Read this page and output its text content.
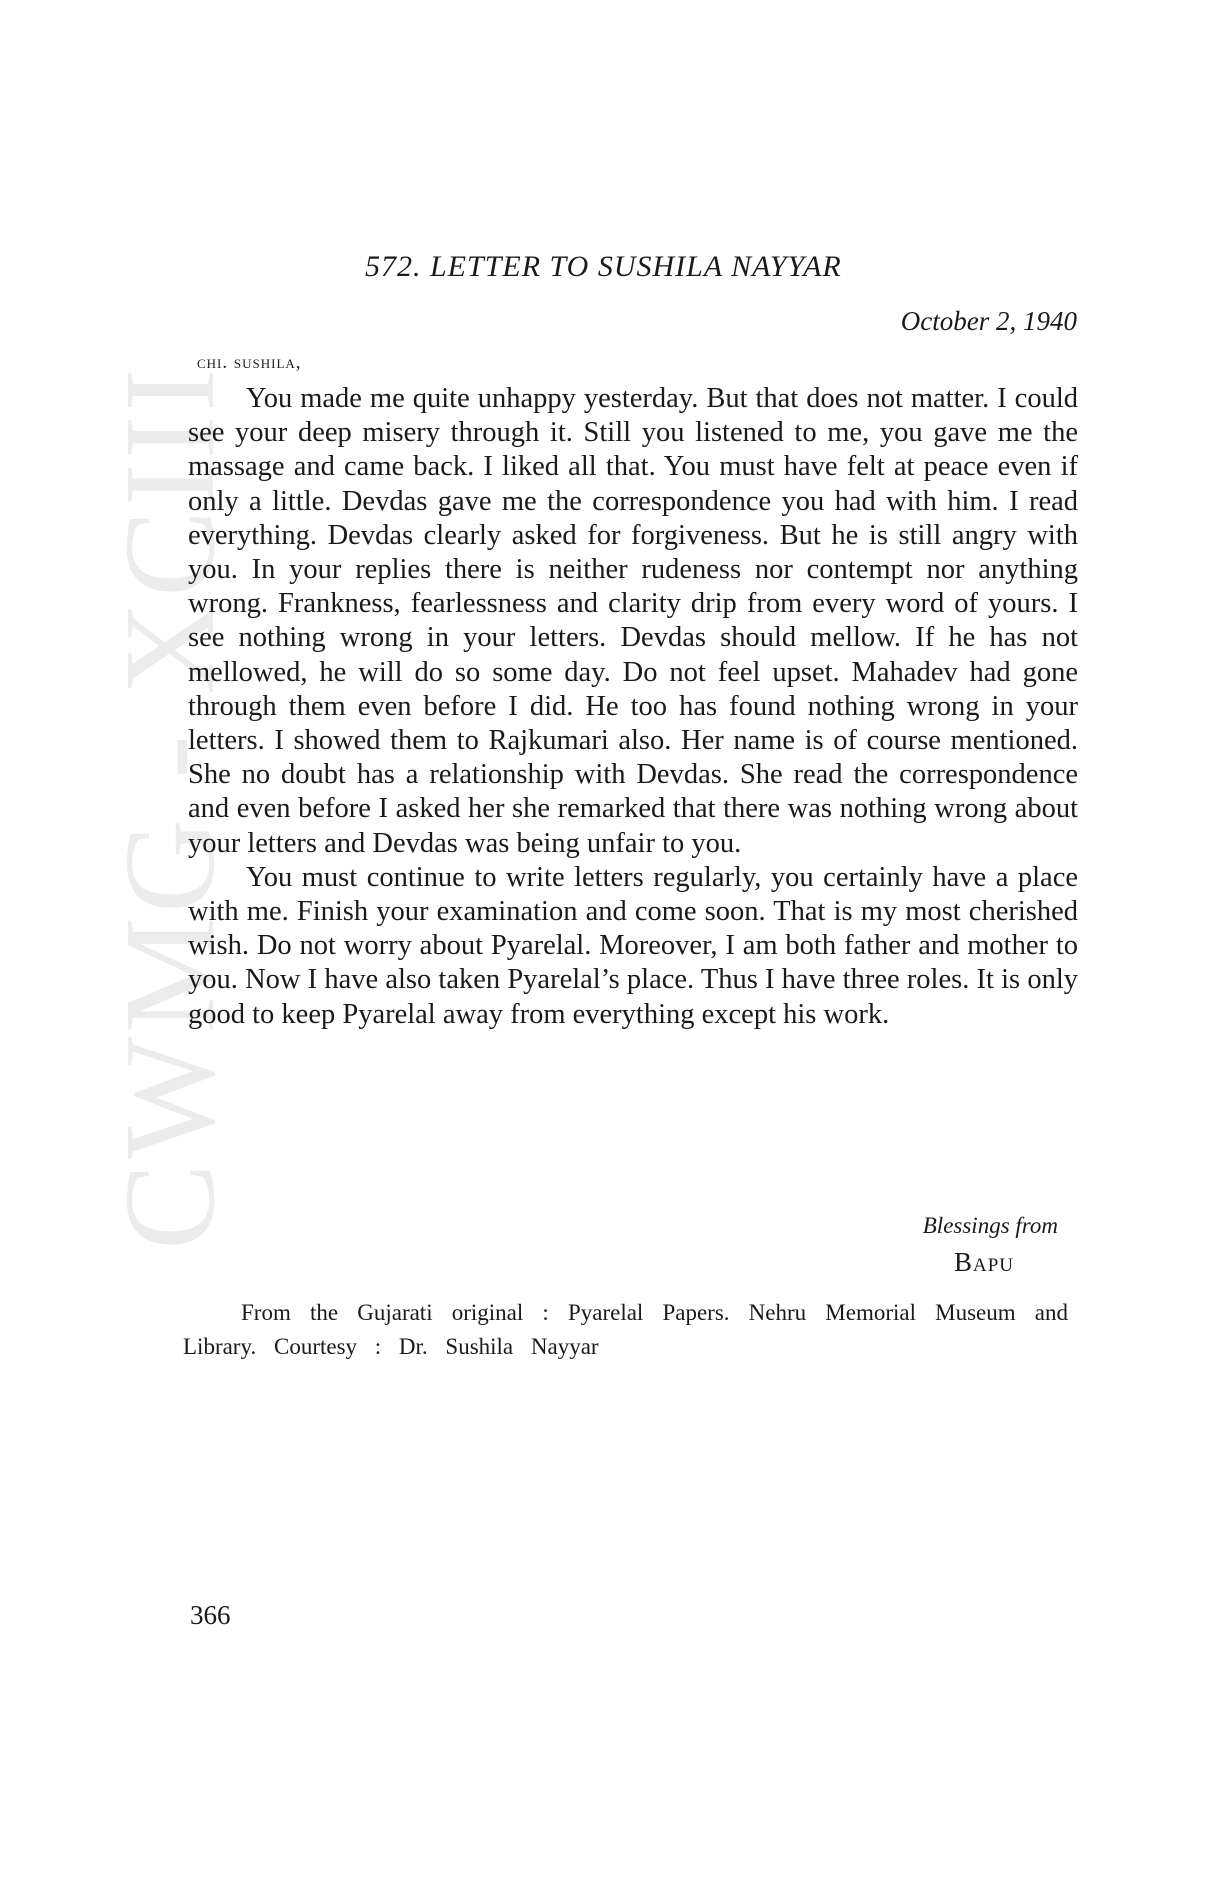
CWMG - XCIII
572. LETTER TO SUSHILA NAYYAR
October 2, 1940
chi. sushila,

You made me quite unhappy yesterday. But that does not matter. I could see your deep misery through it. Still you listened to me, you gave me the massage and came back. I liked all that. You must have felt at peace even if only a little. Devdas gave me the correspondence you had with him. I read everything. Devdas clearly asked for forgiveness. But he is still angry with you. In your replies there is neither rudeness nor contempt nor anything wrong. Frankness, fearlessness and clarity drip from every word of yours. I see nothing wrong in your letters. Devdas should mellow. If he has not mellowed, he will do so some day. Do not feel upset. Mahadev had gone through them even before I did. He too has found nothing wrong in your letters. I showed them to Rajkumari also. Her name is of course mentioned. She no doubt has a relationship with Devdas. She read the correspondence and even before I asked her she remarked that there was nothing wrong about your letters and Devdas was being unfair to you.

You must continue to write letters regularly, you certainly have a place with me. Finish your examination and come soon. That is my most cherished wish. Do not worry about Pyarelal. Moreover, I am both father and mother to you. Now I have also taken Pyarelal’s place. Thus I have three roles. It is only good to keep Pyarelal away from everything except his work.

Blessings from
Bapu
From the Gujarati original : Pyarelal Papers. Nehru Memorial Museum and Library. Courtesy : Dr. Sushila Nayyar
366
